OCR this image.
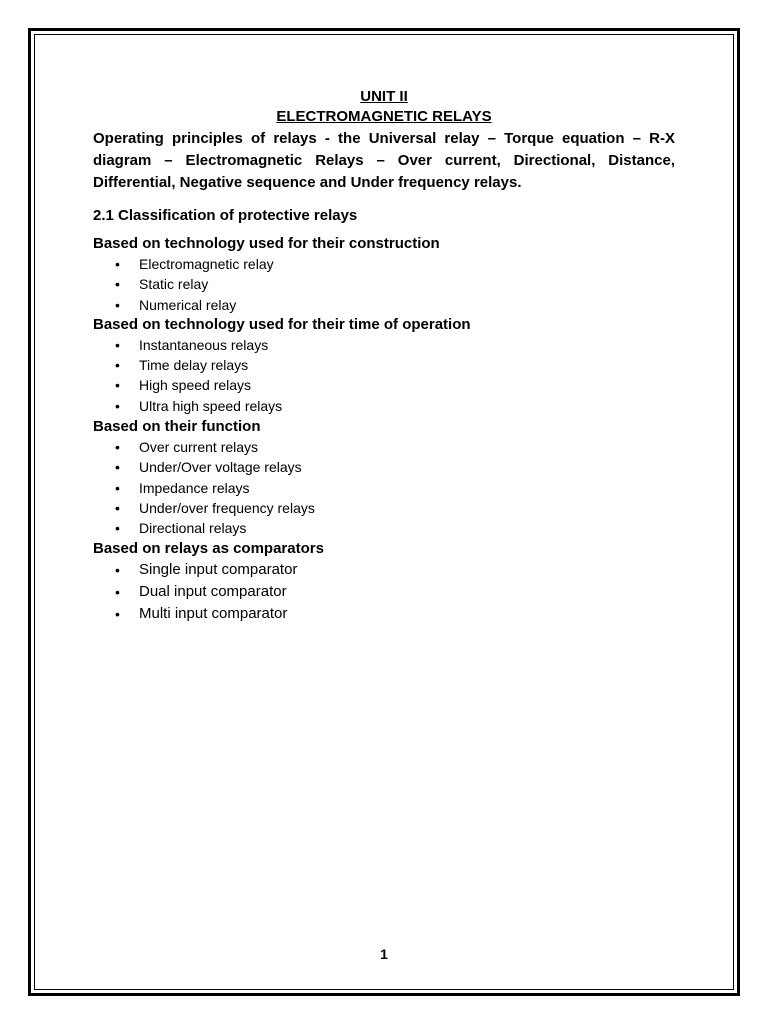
UNIT II
ELECTROMAGNETIC RELAYS
Operating principles of relays - the Universal relay – Torque equation – R-X diagram – Electromagnetic Relays – Over current, Directional, Distance, Differential, Negative sequence and Under frequency relays.
2.1 Classification of protective relays
Based on technology used for their construction
• Electromagnetic relay
• Static relay
• Numerical relay
Based on technology used for their time of operation
• Instantaneous relays
• Time delay relays
• High speed relays
• Ultra high speed relays
Based on their function
• Over current relays
• Under/Over voltage relays
• Impedance relays
• Under/over frequency relays
• Directional relays
Based on relays as comparators
• Single input comparator
• Dual input comparator
• Multi input comparator
1
